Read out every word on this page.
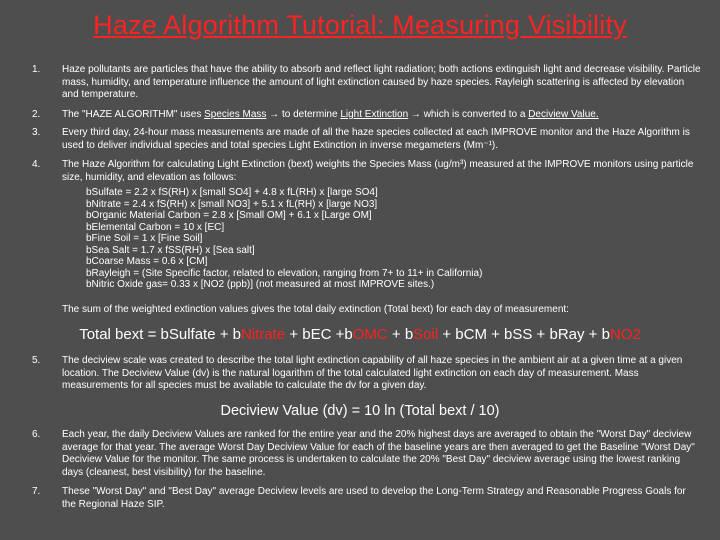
Haze Algorithm Tutorial: Measuring Visibility
1. Haze pollutants are particles that have the ability to absorb and reflect light radiation; both actions extinguish light and decrease visibility. Particle mass, humidity, and temperature influence the amount of light extinction caused by haze species. Rayleigh scattering is affected by elevation and temperature.
2. The "HAZE ALGORITHM" uses Species Mass → to determine Light Extinction → which is converted to a Deciview Value.
3. Every third day, 24-hour mass measurements are made of all the haze species collected at each IMPROVE monitor and the Haze Algorithm is used to deliver individual species and total species Light Extinction in inverse megameters (Mm⁻¹).
4. The Haze Algorithm for calculating Light Extinction (bext) weights the Species Mass (ug/m³) measured at the IMPROVE monitors using particle size, humidity, and elevation as follows:
bSulfate = 2.2 x fS(RH) x [small SO4] + 4.8 x fL(RH) x [large SO4]
bNitrate = 2.4 x fS(RH) x [small NO3] + 5.1 x fL(RH) x [large NO3]
bOrganic Material Carbon = 2.8 x [Small OM] + 6.1 x [Large OM]
bElemental Carbon = 10 x [EC]
bFine Soil = 1 x [Fine Soil]
bSea Salt = 1.7 x fSS(RH) x [Sea salt]
bCoarse Mass = 0.6 x [CM]
bRayleigh = (Site Specific factor, related to elevation, ranging from 7+ to 11+ in California)
bNitric Oxide gas= 0.33 x [NO2 (ppb)] (not measured at most IMPROVE sites.)
The sum of the weighted extinction values gives the total daily extinction (Total bext) for each day of measurement:
Total bext = bSulfate + bNitrate + bEC +bOMC + bSoil + bCM + bSS + bRay + bNO2
5. The deciview scale was created to describe the total light extinction capability of all haze species in the ambient air at a given time at a given location. The Deciview Value (dv) is the natural logarithm of the total calculated light extinction on each day of measurement. Mass measurements for all species must be available to calculate the dv for a given day.
Deciview Value (dv) = 10 ln (Total bext / 10)
6. Each year, the daily Deciview Values are ranked for the entire year and the 20% highest days are averaged to obtain the "Worst Day" deciview average for that year. The average Worst Day Deciview Value for each of the baseline years are then averaged to get the Baseline "Worst Day" Deciview Value for the monitor. The same process is undertaken to calculate the 20% "Best Day" deciview average using the lowest ranking days (cleanest, best visibility) for the baseline.
7. These "Worst Day" and "Best Day" average Deciview levels are used to develop the Long-Term Strategy and Reasonable Progress Goals for the Regional Haze SIP.
